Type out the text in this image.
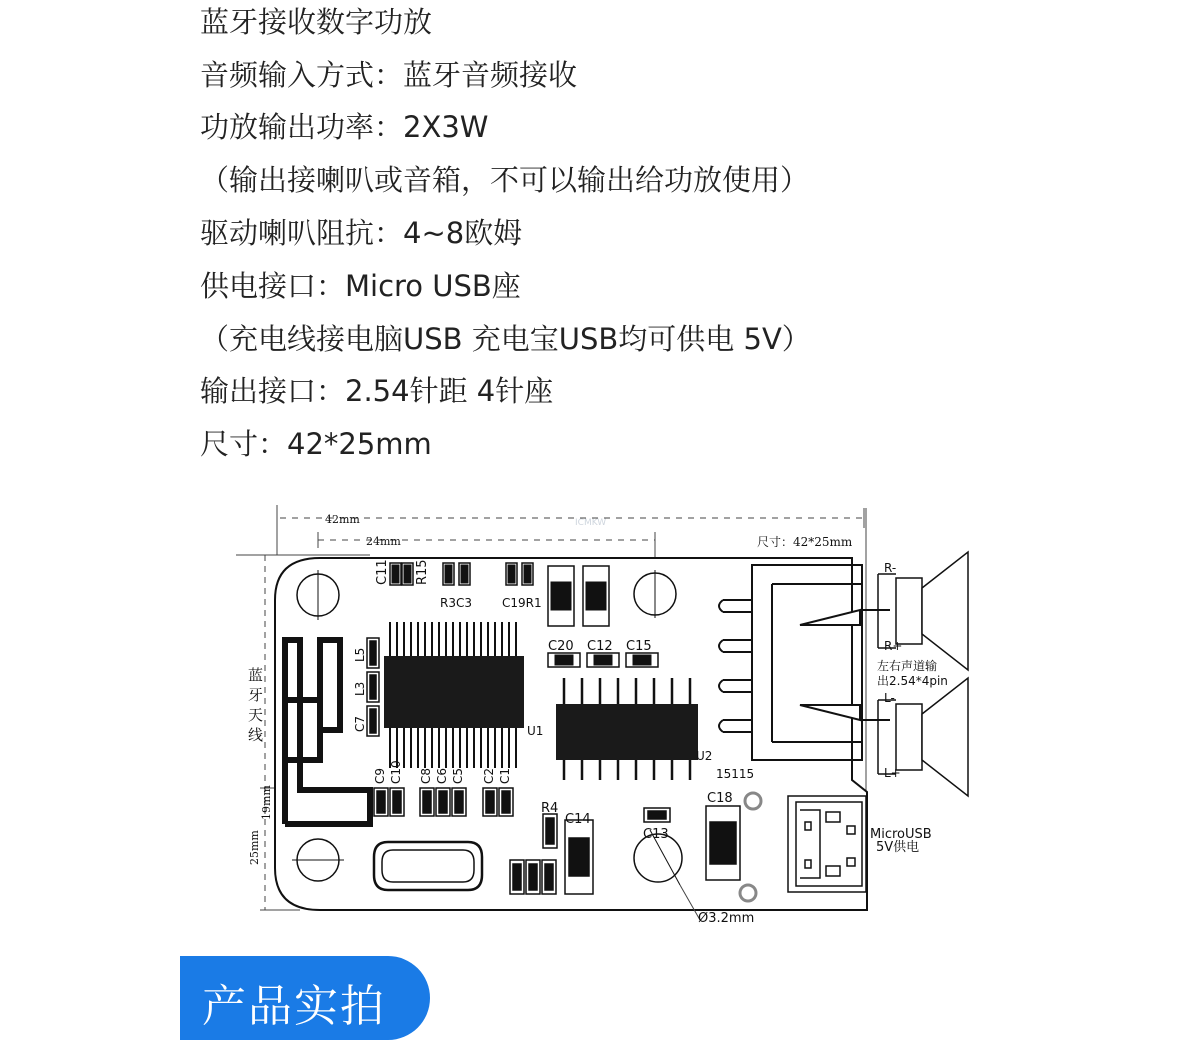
蓝牙接收数字功放
音频输入方式：蓝牙音频接收
功放输出功率：2X3W
（输出接喇叭或音箱，不可以输出给功放使用）
驱动喇叭阻抗：4~8欧姆
供电接口：Micro USB座
（充电线接电脑USB 充电宝USB均可供电 5V）
输出接口：2.54针距 4针座
尺寸：42*25mm
42mm
24mm	尺寸：42*25mm
ICMKW
19mm
25mm
蓝
牙
天
线
C11 R15
R3C3	C19R1
C20 C12 C15
L5
L3
C7	U1
U2
15115
C9 C10 C8 C6 C5 C2 C1
R4
C14
C13
C18
R-
R+
L-
L+
左右声道输
出2.54*4pin
MicroUSB
5V供电
Ø3.2mm
产品实拍
